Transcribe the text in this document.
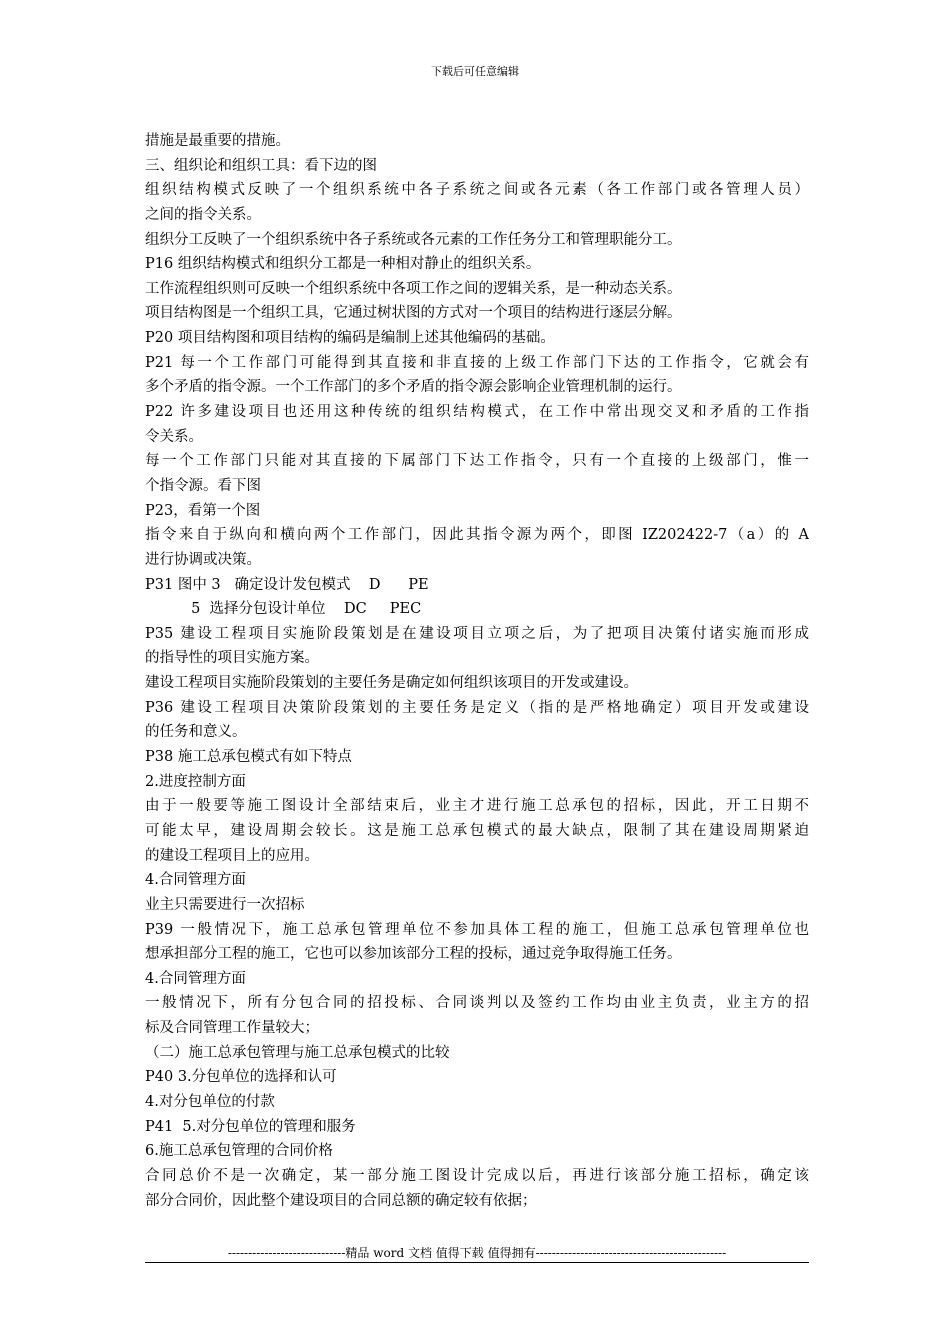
下载后可任意编辑
措施是最重要的措施。
三、组织论和组织工具：看下边的图
组织结构模式反映了一个组织系统中各子系统之间或各元素（各工作部门或各管理人员）
之间的指令关系。
组织分工反映了一个组织系统中各子系统或各元素的工作任务分工和管理职能分工。
P16 组织结构模式和组织分工都是一种相对静止的组织关系。
工作流程组织则可反映一个组织系统中各项工作之间的逻辑关系，是一种动态关系。
项目结构图是一个组织工具，它通过树状图的方式对一个项目的结构进行逐层分解。
P20 项目结构图和项目结构的编码是编制上述其他编码的基础。
P21 每一个工作部门可能得到其直接和非直接的上级工作部门下达的工作指令，它就会有
多个矛盾的指令源。一个工作部门的多个矛盾的指令源会影响企业管理机制的运行。
P22 许多建设项目也还用这种传统的组织结构模式，在工作中常出现交叉和矛盾的工作指
令关系。
每一个工作部门只能对其直接的下属部门下达工作指令，只有一个直接的上级部门，惟一
个指令源。看下图
P23，看第一个图
指令来自于纵向和横向两个工作部门，因此其指令源为两个，即图 IZ202422-7（a）的 A
进行协调或决策。
P31 图中 3   确定设计发包模式    D      PE
5  选择分包设计单位    DC     PEC
P35 建设工程项目实施阶段策划是在建设项目立项之后，为了把项目决策付诸实施而形成
的指导性的项目实施方案。
建设工程项目实施阶段策划的主要任务是确定如何组织该项目的开发或建设。
P36 建设工程项目决策阶段策划的主要任务是定义（指的是严格地确定）项目开发或建设
的任务和意义。
P38 施工总承包模式有如下特点
2.进度控制方面
由于一般要等施工图设计全部结束后，业主才进行施工总承包的招标，因此，开工日期不
可能太早，建设周期会较长。这是施工总承包模式的最大缺点，限制了其在建设周期紧迫
的建设工程项目上的应用。
4.合同管理方面
业主只需要进行一次招标
P39 一般情况下，施工总承包管理单位不参加具体工程的施工，但施工总承包管理单位也
想承担部分工程的施工，它也可以参加该部分工程的投标，通过竞争取得施工任务。
4.合同管理方面
一般情况下，所有分包合同的招投标、合同谈判以及签约工作均由业主负责，业主方的招
标及合同管理工作量较大；
（二）施工总承包管理与施工总承包模式的比较
P40 3.分包单位的选择和认可
4.对分包单位的付款
P41  5.对分包单位的管理和服务
6.施工总承包管理的合同价格
合同总价不是一次确定，某一部分施工图设计完成以后，再进行该部分施工招标，确定该
部分合同价，因此整个建设项目的合同总额的确定较有依据；
-----------------------------精品 word 文档 值得下载 值得拥有-----------------------------------------------
